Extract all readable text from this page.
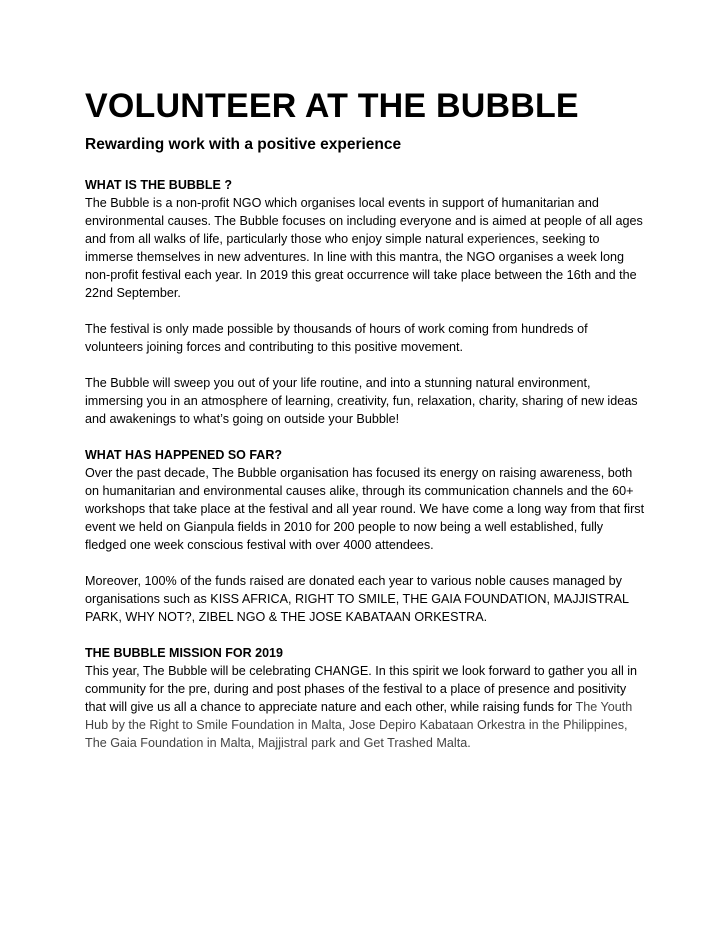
VOLUNTEER AT THE BUBBLE
Rewarding work with a positive experience
WHAT IS THE BUBBLE ?

The Bubble is a non-profit NGO which organises local events in support of humanitarian and environmental causes. The Bubble focuses on including everyone and is aimed at people of all ages and from all walks of life, particularly those who enjoy simple natural experiences, seeking to immerse themselves in new adventures. In line with this mantra, the NGO organises a week long non-profit festival each year. In 2019 this great occurrence will take place between the 16th and the 22nd September.

The festival is only made possible by thousands of hours of work coming from hundreds of volunteers joining forces and contributing to this positive movement.

The Bubble will sweep you out of your life routine, and into a stunning natural environment, immersing you in an atmosphere of learning, creativity, fun, relaxation, charity, sharing of new ideas and awakenings to what’s going on outside your Bubble!

WHAT HAS HAPPENED SO FAR?

Over the past decade, The Bubble organisation has focused its energy on raising awareness, both on humanitarian and environmental causes alike, through its communication channels and the 60+ workshops that take place at the festival and all year round. We have come a long way from that first event we held on Gianpula fields in 2010 for 200 people to now being a well established, fully fledged one week conscious festival with over 4000 attendees.

Moreover, 100% of the funds raised are donated each year to various noble causes managed by organisations such as KISS AFRICA, RIGHT TO SMILE, THE GAIA FOUNDATION, MAJJISTRAL PARK, WHY NOT?, ZIBEL NGO & THE JOSE KABATAAN ORKESTRA.

THE BUBBLE MISSION FOR 2019

This year, The Bubble will be celebrating CHANGE. In this spirit we look forward to gather you all in community for the pre, during and post phases of the festival to a place of presence and positivity that will give us all a chance to appreciate nature and each other, while raising funds for The Youth Hub by the Right to Smile Foundation in Malta, Jose Depiro Kabataan Orkestra in the Philippines, The Gaia Foundation in Malta, Majjistral park and Get Trashed Malta.
